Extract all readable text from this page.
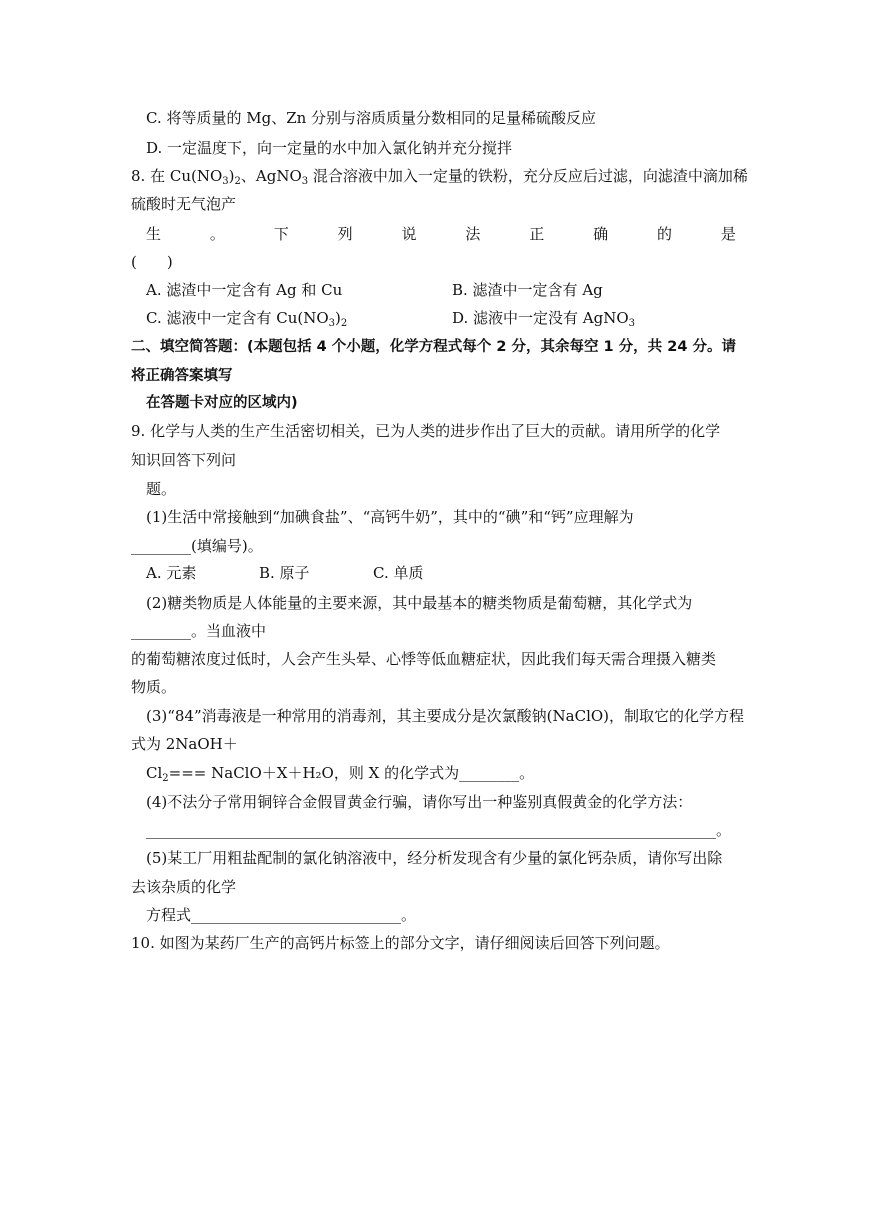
C. 将等质量的 Mg、Zn 分别与溶质质量分数相同的足量稀硫酸反应
D. 一定温度下，向一定量的水中加入氯化钠并充分搅拌
8. 在 $Cu(NO_3)_2$、AgNO$_3$ 混合溶液中加入一定量的铁粉，充分反应后过滤，向滤渣中滴加稀
硫酸时无气泡产
生	。	下	列	说	法	正	确	的	是
(　　)
A. 滤渣中一定含有 Ag 和 Cu	B. 滤渣中一定含有 Ag
C. 滤液中一定含有 $Cu(NO_3)_2$	D. 滤液中一定没有 AgNO$_3$
二、填空简答题：(本题包括 4 个小题，化学方程式每个 2 分，其余每空 1 分，共 24 分。请
将正确答案填写
在答题卡对应的区域内)
9. 化学与人类的生产生活密切相关，已为人类的进步作出了巨大的贡献。请用所学的化学
知识回答下列问
题。
(1)生活中常接触到“加碘食盐”、“高钙牛奶”，其中的“碘”和“钙”应理解为
________(填编号)。
A. 元素	B. 原子	C. 单质
(2)糖类物质是人体能量的主要来源，其中最基本的糖类物质是葡萄糖，其化学式为
________。当血液中
的葡萄糖浓度过低时，人会产生头晕、心悸等低血糖症状，因此我们每天需合理摄入糖类
物质。
(3)“84”消毒液是一种常用的消毒剂，其主要成分是次氯酸钠(NaClO)，制取它的化学方程
式为 2NaOH＋
$Cl_2===$ NaClO＋X＋H₂O，则 X 的化学式为________。
(4)不法分子常用铜锌合金假冒黄金行骗，请你写出一种鉴别真假黄金的化学方法：
____________________________________________________________________________。
(5)某工厂用粗盐配制的氯化钠溶液中，经分析发现含有少量的氯化钙杂质，请你写出除
去该杂质的化学
方程式____________________________。
10. 如图为某药厂生产的高钙片标签上的部分文字，请仔细阅读后回答下列问题。
